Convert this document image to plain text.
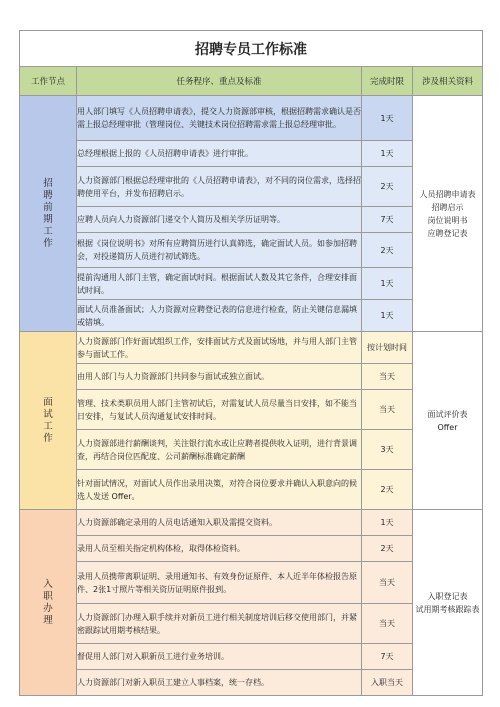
招聘专员工作标准			
工作节点	任务程序、重点及标准	完成时限	涉及相关资料
招聘前期工作	用人部门填写《人员招聘申请表》，提交人力资源部审核，根据招聘需求确认是否需上报总经理审批（管理岗位、关键技术岗位招聘需求需上报总经理审批。	1天	人员招聘申请表
招聘启示
岗位说明书
应聘登记表

	总经理根据上报的《人员招聘申请表》进行审批。	1天	
	人力资源部门根据总经理审批的《人员招聘申请表》，对不同的岗位需求，选择招聘使用平台，并发布招聘启示。	2天	
	应聘人员向人力资源部门递交个人简历及相关学历证明等。	7天	
	根据《岗位说明书》对所有应聘简历进行认真筛选，确定面试人员。如参加招聘会，对投递简历人员进行初试筛选。	2天	
	提前沟通用人部门主管，确定面试时间。根据面试人数及其它条件，合理安排面试时间。	1天	
	面试人员准备面试；人力资源对应聘登记表的信息进行检查，防止关键信息漏填或错填。	1天	
面试工作	人力资源部门作好面试组织工作，安排面试方式及面试场地，并与用人部门主管参与面试工作。	按计划时间	面试评价表
Offer

	由用人部门与人力资源部门共同参与面试或独立面试。	当天	
	管理、技术类职员用人部门主管初试后，对需复试人员尽量当日安排，如不能当日安排，与复试人员沟通复试安排时间。	当天	
	人力资源部进行薪酬谈判，关注银行流水或让应聘者提供收入证明，进行背景调查，再结合岗位匹配度、公司薪酬标准确定薪酬	3天	
	针对面试情况，对面试人员作出录用决策，对符合岗位要求并确认入职意向的候选人发送 Offer。	2天	
入职办理	人力资源部确定录用的人员电话通知入职及需提交资料。	1天	入职登记表
试用期考核跟踪表

	录用人员至相关指定机构体检，取得体检资料。	2天	
	录用人员携带离职证明、录用通知书、有效身份证原件、本人近半年体检报告原件、2张1寸照片等相关资历证明原件报到。	当天	
	人力资源部门办理入职手续并对新员工进行相关制度培训后移交使用部门，并紧密跟踪试用期考核结果。	当天	
	督促用人部门对入职新员工进行业务培训。	7天	
	人力资源部门对新入职员工建立人事档案，统一存档。	入职当天	
